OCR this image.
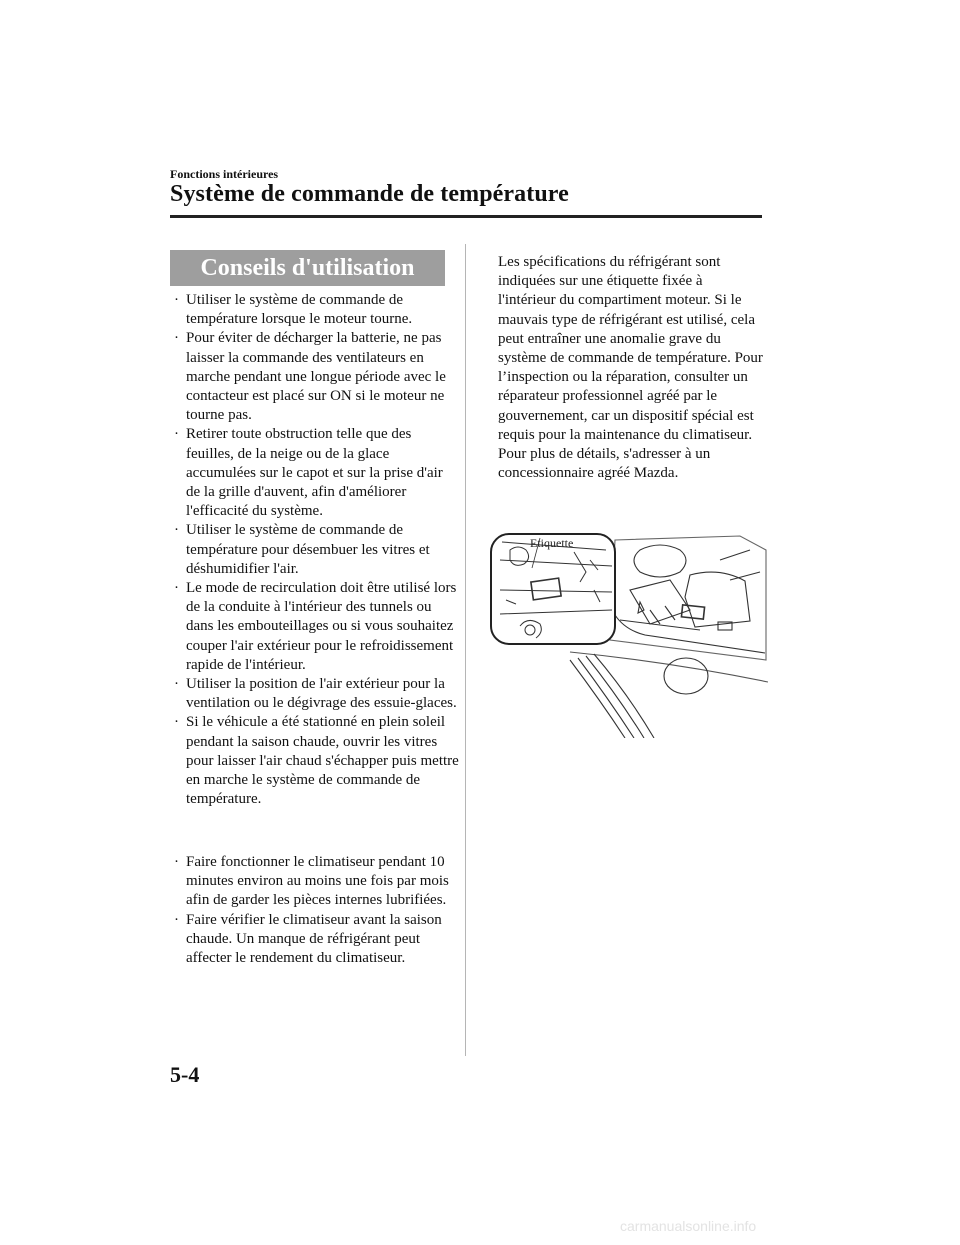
Fonctions intérieures
Système de commande de température
Conseils d'utilisation
· Utiliser le système de commande de température lorsque le moteur tourne.
· Pour éviter de décharger la batterie, ne pas laisser la commande des ventilateurs en marche pendant une longue période avec le contacteur est placé sur ON si le moteur ne tourne pas.
· Retirer toute obstruction telle que des feuilles, de la neige ou de la glace accumulées sur le capot et sur la prise d'air de la grille d'auvent, afin d'améliorer l'efficacité du système.
· Utiliser le système de commande de température pour désembuer les vitres et déshumidifier l'air.
· Le mode de recirculation doit être utilisé lors de la conduite à l'intérieur des tunnels ou dans les embouteillages ou si vous souhaitez couper l'air extérieur pour le refroidissement rapide de l'intérieur.
· Utiliser la position de l'air extérieur pour la ventilation ou le dégivrage des essuie-glaces.
· Si le véhicule a été stationné en plein soleil pendant la saison chaude, ouvrir les vitres pour laisser l'air chaud s'échapper puis mettre en marche le système de commande de température.
· Faire fonctionner le climatiseur pendant 10 minutes environ au moins une fois par mois afin de garder les pièces internes lubrifiées.
· Faire vérifier le climatiseur avant la saison chaude. Un manque de réfrigérant peut affecter le rendement du climatiseur.
Les spécifications du réfrigérant sont indiquées sur une étiquette fixée à l'intérieur du compartiment moteur. Si le mauvais type de réfrigérant est utilisé, cela peut entraîner une anomalie grave du système de commande de température. Pour l’inspection ou la réparation, consulter un réparateur professionnel agréé par le gouvernement, car un dispositif spécial est requis pour la maintenance du climatiseur.
Pour plus de détails, s'adresser à un concessionnaire agréé Mazda.
Etiquette
5-4
carmanualsonline.info
